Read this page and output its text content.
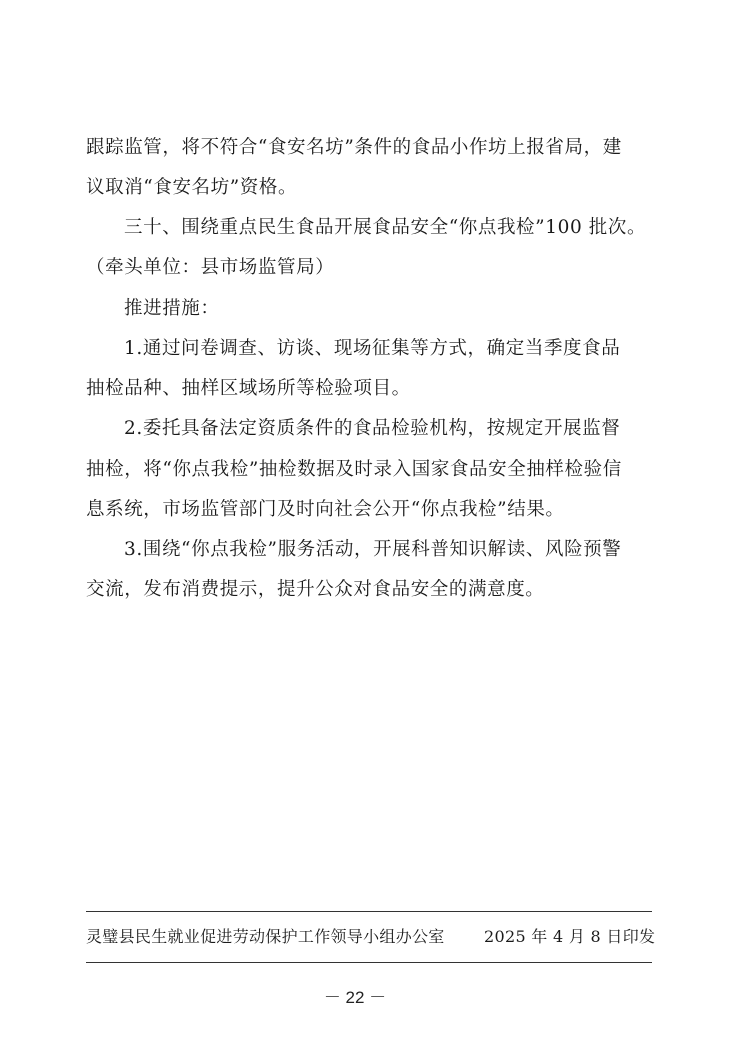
跟踪监管，将不符合“食安名坊”条件的食品小作坊上报省局，建
议取消“食安名坊”资格。
三十、围绕重点民生食品开展食品安全“你点我检”100 批次。
（牵头单位：县市场监管局）
推进措施：
1.通过问卷调查、访谈、现场征集等方式，确定当季度食品
抽检品种、抽样区域场所等检验项目。
2.委托具备法定资质条件的食品检验机构，按规定开展监督
抽检，将“你点我检”抽检数据及时录入国家食品安全抽样检验信
息系统，市场监管部门及时向社会公开“你点我检”结果。
3.围绕“你点我检”服务活动，开展科普知识解读、风险预警
交流，发布消费提示，提升公众对食品安全的满意度。
灵璧县民生就业促进劳动保护工作领导小组办公室 2025 年 4 月 8 日印发
－ 22 －
